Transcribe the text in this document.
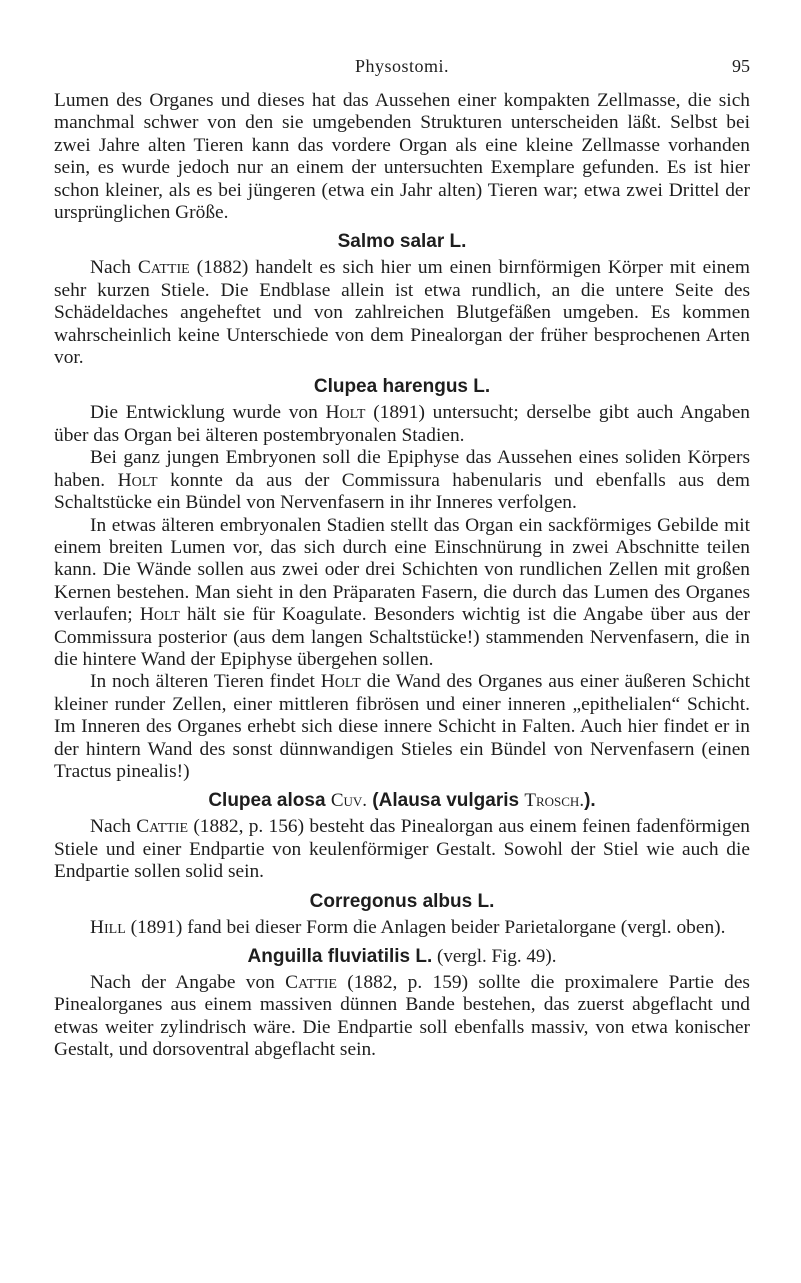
Physostomi.	95

Lumen des Organes und dieses hat das Aussehen einer kompakten Zellmasse, die sich manchmal schwer von den sie umgebenden Strukturen unterscheiden läßt. Selbst bei zwei Jahre alten Tieren kann das vordere Organ als eine kleine Zellmasse vorhanden sein, es wurde jedoch nur an einem der untersuchten Exemplare gefunden. Es ist hier schon kleiner, als es bei jüngeren (etwa ein Jahr alten) Tieren war; etwa zwei Drittel der ursprünglichen Größe.

Salmo salar L.

Nach Cattie (1882) handelt es sich hier um einen birnförmigen Körper mit einem sehr kurzen Stiele. Die Endblase allein ist etwa rundlich, an die untere Seite des Schädeldaches angeheftet und von zahlreichen Blutgefäßen umgeben. Es kommen wahrscheinlich keine Unterschiede von dem Pinealorgan der früher besprochenen Arten vor.

Clupea harengus L.

Die Entwicklung wurde von Holt (1891) untersucht; derselbe gibt auch Angaben über das Organ bei älteren postembryonalen Stadien.

Bei ganz jungen Embryonen soll die Epiphyse das Aussehen eines soliden Körpers haben. Holt konnte da aus der Commissura habenularis und ebenfalls aus dem Schaltstücke ein Bündel von Nervenfasern in ihr Inneres verfolgen.

In etwas älteren embryonalen Stadien stellt das Organ ein sackförmiges Gebilde mit einem breiten Lumen vor, das sich durch eine Einschnürung in zwei Abschnitte teilen kann. Die Wände sollen aus zwei oder drei Schichten von rundlichen Zellen mit großen Kernen bestehen. Man sieht in den Präparaten Fasern, die durch das Lumen des Organes verlaufen; Holt hält sie für Koagulate. Besonders wichtig ist die Angabe über aus der Commissura posterior (aus dem langen Schaltstücke!) stammenden Nervenfasern, die in die hintere Wand der Epiphyse übergehen sollen.

In noch älteren Tieren findet Holt die Wand des Organes aus einer äußeren Schicht kleiner runder Zellen, einer mittleren fibrösen und einer inneren „epithelialen“ Schicht. Im Inneren des Organes erhebt sich diese innere Schicht in Falten. Auch hier findet er in der hintern Wand des sonst dünnwandigen Stieles ein Bündel von Nervenfasern (einen Tractus pinealis!)

Clupea alosa Cuv. (Alausa vulgaris Trosch.).

Nach Cattie (1882, p. 156) besteht das Pinealorgan aus einem feinen fadenförmigen Stiele und einer Endpartie von keulenförmiger Gestalt. Sowohl der Stiel wie auch die Endpartie sollen solid sein.

Corregonus albus L.

Hill (1891) fand bei dieser Form die Anlagen beider Parietalorgane (vergl. oben).

Anguilla fluviatilis L. (vergl. Fig. 49).

Nach der Angabe von Cattie (1882, p. 159) sollte die proximalere Partie des Pinealorganes aus einem massiven dünnen Bande bestehen, das zuerst abgeflacht und etwas weiter zylindrisch wäre. Die Endpartie soll ebenfalls massiv, von etwa konischer Gestalt, und dorsoventral abgeflacht sein.
